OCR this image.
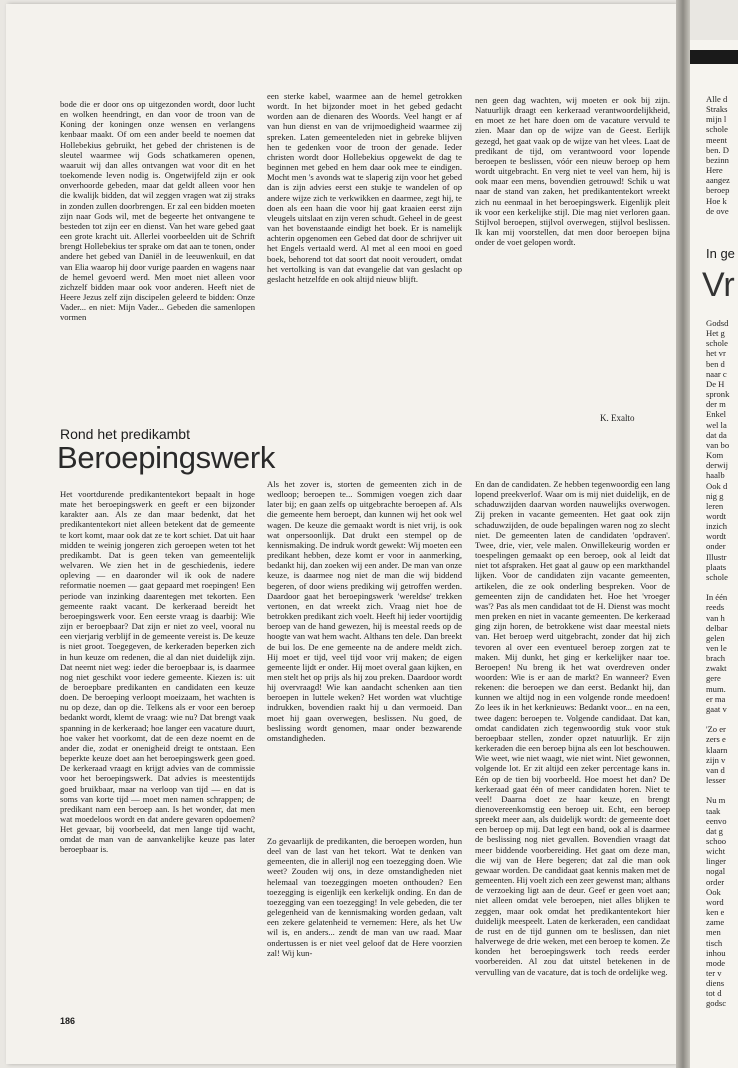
Alle d
Straks
mijn l
schole
meent
ben. D
bezinn
Here
aangez
beroep
Hoe k
de ove
In ge
Vr
Godsd
Het g
schole
het vr
ben d
naar c
De H
spronk
der m
Enkel
wel la
dat da
van bo
Kom
derwij
haalb
Ook d
nig g
leren
wordt
inzich
wordt
onder
Illustr
plaats
schole

In één
reeds
van h
delbar
gelen
ven le
brach
zwakt
gere
mum.
er ma
gaat v

'Zo er
zers e
klaarn
zijn v
van d
lesser

Nu m
taak
eenvo
dat g
schoo
wicht
linger
nogal
order
Ook
word
ken e
zame
men
tisch
inhou
mode
ter v
diens
tot d
godsc

bode die er door ons op uitgezonden wordt, door lucht en wolken heendringt, en dan voor de troon van de Koning der koningen onze wensen en verlangens kenbaar maakt. Of om een ander beeld te noemen dat Hollebekius gebruikt, het gebed der christenen is de sleutel waarmee wij Gods schatkameren openen, waaruit wij dan alles ontvangen wat voor dit en het toekomende leven nodig is. Ongetwijfeld zijn er ook onverhoorde gebeden, maar dat geldt alleen voor hen die kwalijk bidden, dat wil zeggen vragen wat zij straks in zonden zullen doorbrengen. Er zal een bidden moeten zijn naar Gods wil, met de begeerte het ontvangene te besteden tot zijn eer en dienst. Van het ware gebed gaat een grote kracht uit. Allerlei voorbeelden uit de Schrift brengt Hollebekius ter sprake om dat aan te tonen, onder andere het gebed van Daniël in de leeuwenkuil, en dat van Elia waarop hij door vurige paarden en wagens naar de hemel gevoerd werd. Men moet niet alleen voor zichzelf bidden maar ook voor anderen. Heeft niet de Heere Jezus zelf zijn discipelen geleerd te bidden: Onze Vader... en niet: Mijn Vader... Gebeden die samenlopen vormen

een sterke kabel, waarmee aan de hemel getrokken wordt. In het bijzonder moet in het gebed gedacht worden aan de dienaren des Woords. Veel hangt er af van hun dienst en van de vrijmoedigheid waarmee zij spreken. Laten gemeenteleden niet in gebreke blijven hen te gedenken voor de troon der genade. Ieder christen wordt door Hollebekius opgewekt de dag te beginnen met gebed en hem daar ook mee te eindigen. Mocht men 's avonds wat te slaperig zijn voor het gebed dan is zijn advies eerst een stukje te wandelen of op andere wijze zich te verkwikken en daarmee, zegt hij, te doen als een haan die voor hij gaat kraaien eerst zijn vleugels uitslaat en zijn veren schudt. Geheel in de geest van het bovenstaande eindigt het boek. Er is namelijk achterin opgenomen een Gebed dat door de schrijver uit het Engels vertaald werd. Al met al een mooi en goed boek, behorend tot dat soort dat nooit veroudert, omdat het vertolking is van dat evangelie dat van geslacht op geslacht hetzelfde en ook altijd nieuw blijft.

nen geen dag wachten, wij moeten er ook bij zijn. Natuurlijk draagt een kerkeraad verantwoordelijkheid, en moet ze het hare doen om de vacature vervuld te zien. Maar dan op de wijze van de Geest. Eerlijk gezegd, het gaat vaak op de wijze van het vlees. Laat de predikant de tijd, om verantwoord voor lopende beroepen te beslissen, vóór een nieuw beroep op hem wordt uitgebracht. En verg niet te veel van hem, hij is ook maar een mens, bovendien getrouwd! Schik u wat naar de stand van zaken, het predikantentekort wreekt zich nu eenmaal in het beroepingswerk. Eigenlijk pleit ik voor een kerkelijke stijl. Die mag niet verloren gaan. Stijlvol beroepen, stijlvol overwegen, stijlvol beslissen. Ik kan mij voorstellen, dat men door beroepen bijna onder de voet gelopen wordt.

K. Exalto
Rond het predikambt
Beroepingswerk

Het voortdurende predikantentekort bepaalt in hoge mate het beroepingswerk en geeft er een bijzonder karakter aan. Als ze dan maar bedenkt, dat het predikantentekort niet alleen betekent dat de gemeente te kort komt, maar ook dat ze te kort schiet. Dat uit haar midden te weinig jongeren zich geroepen weten tot het predikambt. Dat is geen teken van gemeentelijk welvaren. We zien het in de geschiedenis, iedere opleving — en daaronder wil ik ook de nadere reformatie noemen — gaat gepaard met roepingen! Een periode van inzinking daarentegen met tekorten. Een gemeente raakt vacant. De kerkeraad bereidt het beroepingswerk voor. Een eerste vraag is daarbij: Wie zijn er beroepbaar? Dat zijn er niet zo veel, vooral nu een vierjarig verblijf in de gemeente vereist is. De keuze is niet groot. Toegegeven, de kerkeraden beperken zich in hun keuze om redenen, die al dan niet duidelijk zijn. Dat neemt niet weg: ieder die beroepbaar is, is daarmee nog niet geschikt voor iedere gemeente. Kiezen is: uit de beroepbare predikanten en candidaten een keuze doen. De beroeping verloopt moeizaam, het wachten is nu op deze, dan op die. Telkens als er voor een beroep bedankt wordt, klemt de vraag: wie nu? Dat brengt vaak spanning in de kerkeraad; hoe langer een vacature duurt, hoe vaker het voorkomt, dat de een deze noemt en de ander die, zodat er onenigheid dreigt te ontstaan. Een beperkte keuze doet aan het beroepingswerk geen goed. De kerkeraad vraagt en krijgt advies van de commissie voor het beroepingswerk. Dat advies is meestentijds goed bruikbaar, maar na verloop van tijd — en dat is soms van korte tijd — moet men namen schrappen; de predikant nam een beroep aan. Is het wonder, dat men wat moedeloos wordt en dat andere gevaren opdoemen? Het gevaar, bij voorbeeld, dat men lange tijd wacht, omdat de man van de aanvankelijke keuze pas later beroepbaar is.

Als het zover is, storten de gemeenten zich in de wedloop; beroepen te... Sommigen voegen zich daar later bij; en gaan zelfs op uitgebrachte beroepen af. Als die gemeente hem beroept, dan kunnen wij het ook wel wagen. De keuze die gemaakt wordt is niet vrij, is ook wat onpersoonlijk. Dat drukt een stempel op de kennismaking. De indruk wordt gewekt: Wij moeten een predikant hebben, deze komt er voor in aanmerking, bedankt hij, dan zoeken wij een ander. De man van onze keuze, is daarmee nog niet de man die wij biddend begeren, of door wiens prediking wij getroffen werden. Daardoor gaat het beroepingswerk 'wereldse' trekken vertonen, en dat wreekt zich. Vraag niet hoe de betrokken predikant zich voelt. Heeft hij ieder voortijdig beroep van de hand gewezen, hij is meestal reeds op de hoogte van wat hem wacht. Althans ten dele. Dan breekt de bui los. De ene gemeente na de andere meldt zich. Hij moet er tijd, veel tijd voor vrij maken; de eigen gemeente lijdt er onder. Hij moet overal gaan kijken, en men stelt het op prijs als hij zou preken. Daardoor wordt hij overvraagd! Wie kan aandacht schenken aan tien beroepen in luttele weken? Het worden wat vluchtige indrukken, bovendien raakt hij u dan vermoeid. Dan moet hij gaan overwegen, beslissen. Nu goed, de beslissing wordt genomen, maar onder bezwarende omstandigheden.

En dan de candidaten. Ze hebben tegenwoordig een lang lopend preekverlof. Waar om is mij niet duidelijk, en de schaduwzijden daarvan worden nauwelijks overwogen. Zij preken in vacante gemeenten. Het gaat ook zijn schaduwzijden, de oude bepalingen waren nog zo slecht niet. De gemeenten laten de candidaten 'opdraven'. Twee, drie, vier, vele malen. Onwillekeurig worden er toespelingen gemaakt op een beroep, ook al leidt dat niet tot afspraken. Het gaat al gauw op een markthandel lijken. Voor de candidaten zijn vacante gemeenten, artikelen, die ze ook onderling bespreken. Voor de gemeenten zijn de candidaten het. Hoe het 'vroeger was'? Pas als men candidaat tot de H. Dienst was mocht men preken en niet in vacante gemeenten. De kerkeraad ging zijn horen, de betrokkene wist daar meestal niets van. Het beroep werd uitgebracht, zonder dat hij zich tevoren al over een eventueel beroep zorgen zat te maken. Mij dunkt, het ging er kerkelijker naar toe. Beroepen! Nu breng ik het wat overdreven onder woorden: Wie is er aan de markt? En wanneer? Even rekenen: die beroepen we dan eerst. Bedankt hij, dan kunnen we altijd nog in een volgende ronde meedoen! Zo lees ik in het kerknieuws: Bedankt voor... en na een, twee dagen: beroepen te. Volgende candidaat. Dat kan, omdat candidaten zich tegenwoordig stuk voor stuk beroepbaar stellen, zonder opzet natuurlijk. Er zijn kerkeraden die een beroep bijna als een lot beschouwen. Wie weet, wie niet waagt, wie niet wint. Niet gewonnen, volgende lot. Er zit altijd een zeker percentage kans in. Eén op de tien bij voorbeeld. Hoe moest het dan? De kerkeraad gaat één of meer candidaten horen. Niet te veel! Daarna doet ze haar keuze, en brengt dienovereenkomstig een beroep uit. Echt, een beroep spreekt meer aan, als duidelijk wordt: de gemeente doet een beroep op mij. Dat legt een band, ook al is daarmee de beslissing nog niet gevallen. Bovendien vraagt dat meer biddende voorbereiding. Het gaat om deze man, die wij van de Here begeren; dat zal die man ook gewaar worden. De candidaat gaat kennis maken met de gemeenten. Hij voelt zich een zeer gewenst man; althans de verzoeking ligt aan de deur. Geef er geen voet aan; niet alleen omdat vele beroepen, niet alles blijken te zeggen, maar ook omdat het predikantentekort hier duidelijk meespeelt. Laten de kerkeraden, een candidaat de rust en de tijd gunnen om te beslissen, dan niet halverwege de drie weken, met een beroep te komen. Ze konden het beroepingswerk toch reeds eerder voorbereiden. Al zou dat uitstel betekenen in de vervulling van de vacature, dat is toch de ordelijke weg.

Zo gevaarlijk de predikanten, die beroepen worden, hun deel van de last van het tekort. Wat te denken van gemeenten, die in allerijl nog een toezegging doen. Wie weet? Zouden wij ons, in deze omstandigheden niet helemaal van toezeggingen moeten onthouden? Een toezegging is eigenlijk een kerkelijk onding. En dan de toezegging van een toezegging! In vele gebeden, die ter gelegenheid van de kennismaking worden gedaan, valt een zekere gelatenheid te vernemen: Here, als het Uw wil is, en anders... zendt de man van uw raad. Maar ondertussen is er niet veel geloof dat de Here voorzien zal! Wij kun-

186
